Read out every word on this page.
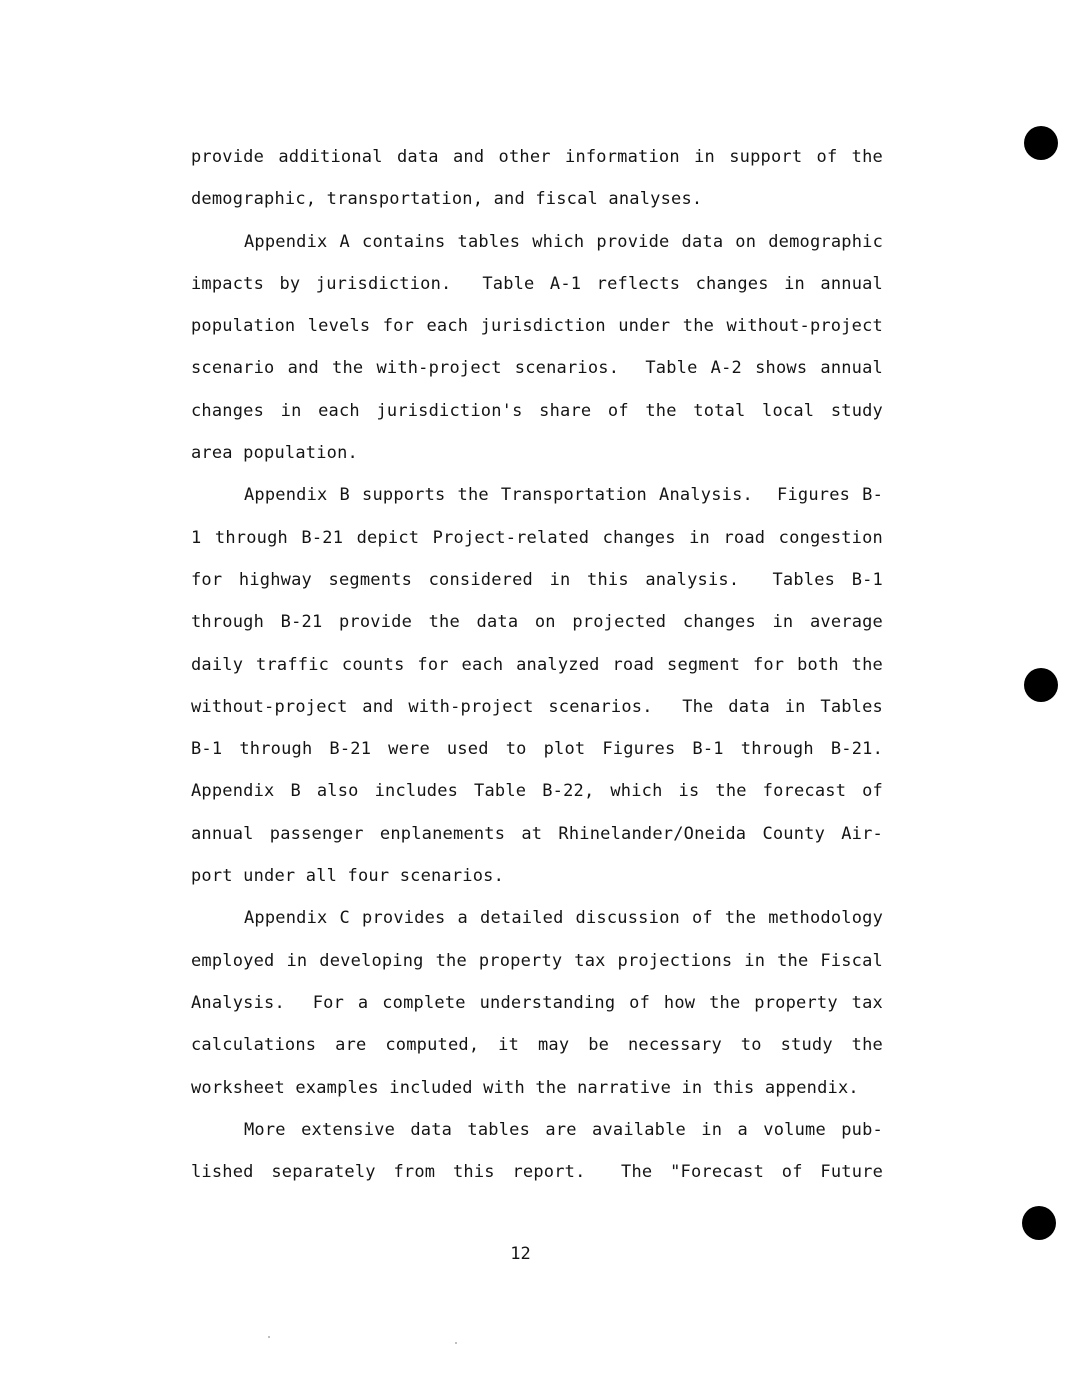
provide additional data and other information in support of the
demographic, transportation, and fiscal analyses.
Appendix A contains tables which provide data on demographic
impacts by jurisdiction.  Table A-1 reflects changes in annual
population levels for each jurisdiction under the without-project
scenario and the with-project scenarios.  Table A-2 shows annual
changes in each jurisdiction's share of the total local study
area population.
Appendix B supports the Transportation Analysis.  Figures B-
1 through B-21 depict Project-related changes in road congestion
for highway segments considered in this analysis.  Tables B-1
through B-21 provide the data on projected changes in average
daily traffic counts for each analyzed road segment for both the
without-project and with-project scenarios.  The data in Tables
B-1 through B-21 were used to plot Figures B-1 through B-21.
Appendix B also includes Table B-22, which is the forecast of
annual passenger enplanements at Rhinelander/Oneida County Air-
port under all four scenarios.
Appendix C provides a detailed discussion of the methodology
employed in developing the property tax projections in the Fiscal
Analysis.  For a complete understanding of how the property tax
calculations are computed, it may be necessary to study the
worksheet examples included with the narrative in this appendix.
More extensive data tables are available in a volume pub-
lished separately from this report.  The "Forecast of Future
12
